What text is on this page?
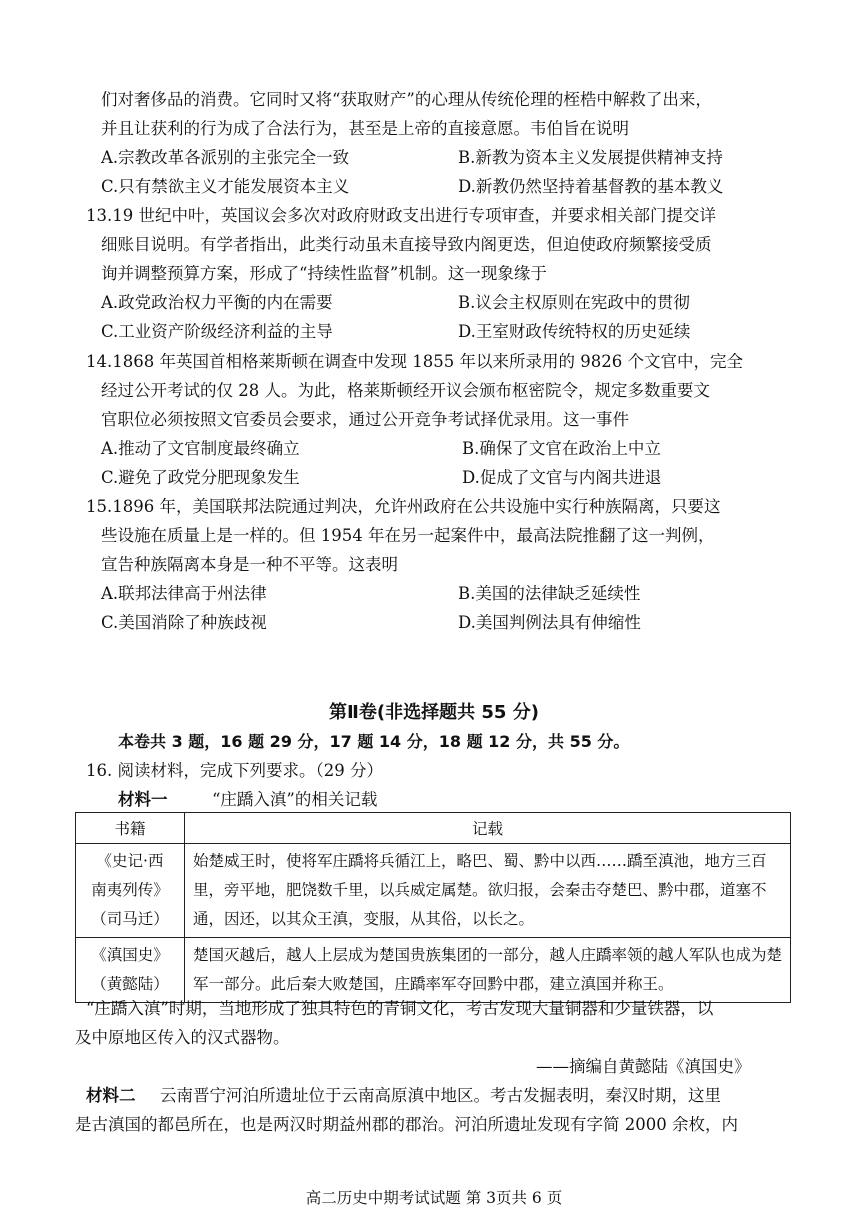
们对奢侈品的消费。它同时又将“获取财产”的心理从传统伦理的桎梏中解救了出来，
并且让获利的行为成了合法行为，甚至是上帝的直接意愿。韦伯旨在说明
A.宗教改革各派别的主张完全一致	B.新教为资本主义发展提供精神支持
C.只有禁欲主义才能发展资本主义	D.新教仍然坚持着基督教的基本教义
13.19 世纪中叶，英国议会多次对政府财政支出进行专项审查，并要求相关部门提交详
细账目说明。有学者指出，此类行动虽未直接导致内阁更迭，但迫使政府频繁接受质
询并调整预算方案，形成了“持续性监督”机制。这一现象缘于
A.政党政治权力平衡的内在需要	B.议会主权原则在宪政中的贯彻
C.工业资产阶级经济利益的主导	D.王室财政传统特权的历史延续
14.1868 年英国首相格莱斯顿在调查中发现 1855 年以来所录用的 9826 个文官中，完全
经过公开考试的仅 28 人。为此，格莱斯顿经开议会颁布枢密院令，规定多数重要文
官职位必须按照文官委员会要求，通过公开竞争考试择优录用。这一事件
A.推动了文官制度最终确立	B.确保了文官在政治上中立
C.避免了政党分肥现象发生	D.促成了文官与内阁共进退
15.1896 年，美国联邦法院通过判决，允许州政府在公共设施中实行种族隔离，只要这
些设施在质量上是一样的。但 1954 年在另一起案件中，最高法院推翻了这一判例，
宣告种族隔离本身是一种不平等。这表明
A.联邦法律高于州法律	B.美国的法律缺乏延续性
C.美国消除了种族歧视	D.美国判例法具有伸缩性
第Ⅱ卷(非选择题共 55 分)
本卷共 3 题，16 题 29 分，17 题 14 分，18 题 12 分，共 55 分。
16. 阅读材料，完成下列要求。（29 分）
材料一	“庄蹻入滇”的相关记载
书籍	记载

《史记·西
南夷列传》
（司马迁）	始楚威王时，使将军庄蹻将兵循江上，略巴、蜀、黔中以西……蹻至滇池，地方三百里，旁平地，肥饶数千里，以兵威定属楚。欲归报，会秦击夺楚巴、黔中郡，道塞不通，因还，以其众王滇，变服，从其俗，以长之。

《滇国史》
（黄懿陆）	楚国灭越后，越人上层成为楚国贵族集团的一部分，越人庄蹻率领的越人军队也成为楚军一部分。此后秦大败楚国，庄蹻率军夺回黔中郡，建立滇国并称王。
“庄蹻入滇”时期，当地形成了独具特色的青铜文化，考古发现大量铜器和少量铁器，以
及中原地区传入的汉式器物。
——摘编自黄懿陆《滇国史》
材料二 云南晋宁河泊所遗址位于云南高原滇中地区。考古发掘表明，秦汉时期，这里
是古滇国的都邑所在，也是两汉时期益州郡的郡治。河泊所遗址发现有字简 2000 余枚，内
高二历史中期考试试题 第 3页共 6 页
